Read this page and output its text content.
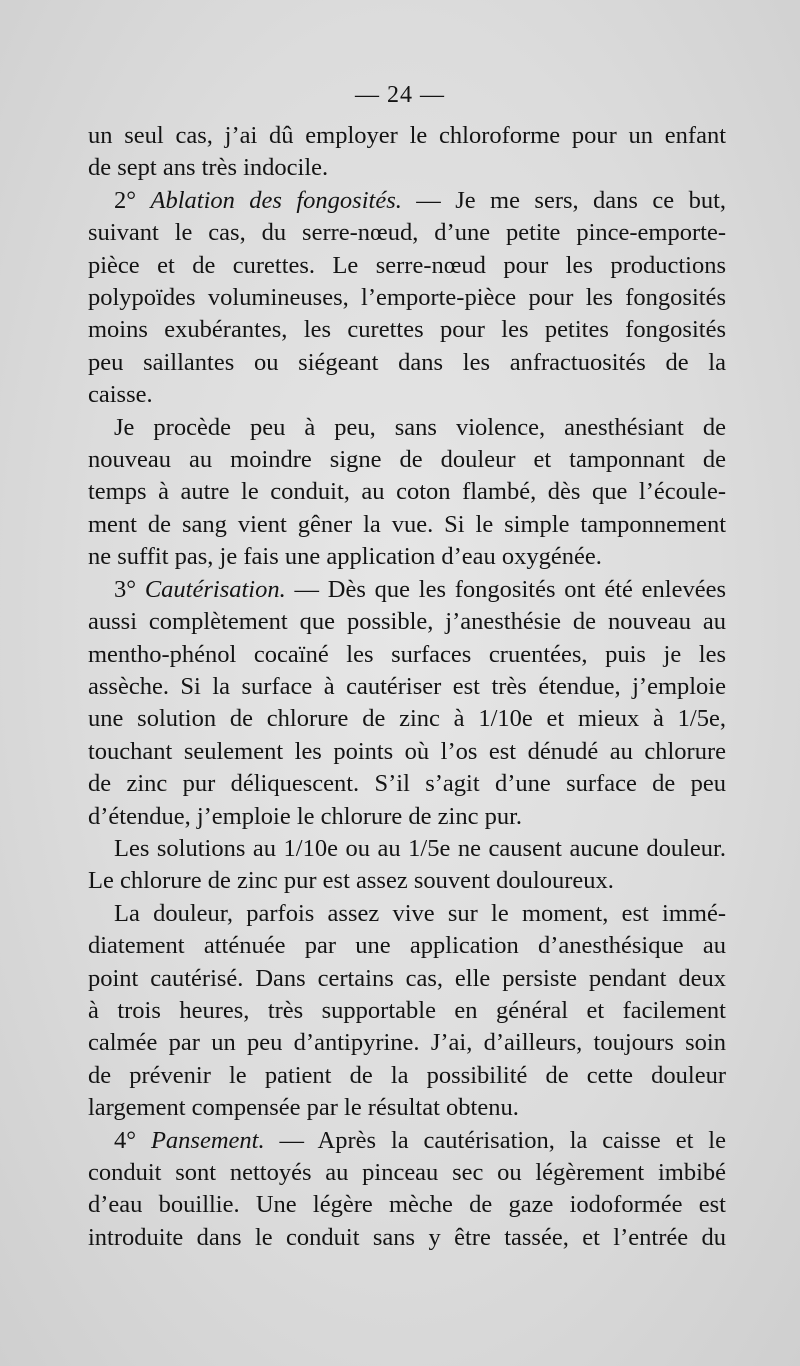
— 24 —
un seul cas, j’ai dû employer le chloroforme pour un enfant
de sept ans très indocile.
2° Ablation des fongosités. — Je me sers, dans ce but,
suivant le cas, du serre-nœud, d’une petite pince-emporte-
pièce et de curettes. Le serre-nœud pour les productions
polypoïdes volumineuses, l’emporte-pièce pour les fongosités
moins exubérantes, les curettes pour les petites fongosités
peu saillantes ou siégeant dans les anfractuosités de la
caisse.
Je procède peu à peu, sans violence, anesthésiant de
nouveau au moindre signe de douleur et tamponnant de
temps à autre le conduit, au coton flambé, dès que l’écoule-
ment de sang vient gêner la vue. Si le simple tamponnement
ne suffit pas, je fais une application d’eau oxygénée.
3° Cautérisation. — Dès que les fongosités ont été enlevées
aussi complètement que possible, j’anesthésie de nouveau au
mentho-phénol cocaïné les surfaces cruentées, puis je les
assèche. Si la surface à cautériser est très étendue, j’emploie
une solution de chlorure de zinc à 1/10e et mieux à 1/5e,
touchant seulement les points où l’os est dénudé au chlorure
de zinc pur déliquescent. S’il s’agit d’une surface de peu
d’étendue, j’emploie le chlorure de zinc pur.
Les solutions au 1/10e ou au 1/5e ne causent aucune douleur.
Le chlorure de zinc pur est assez souvent douloureux.
La douleur, parfois assez vive sur le moment, est immé-
diatement atténuée par une application d’anesthésique au
point cautérisé. Dans certains cas, elle persiste pendant deux
à trois heures, très supportable en général et facilement
calmée par un peu d’antipyrine. J’ai, d’ailleurs, toujours soin
de prévenir le patient de la possibilité de cette douleur
largement compensée par le résultat obtenu.
4° Pansement. — Après la cautérisation, la caisse et le
conduit sont nettoyés au pinceau sec ou légèrement imbibé
d’eau bouillie. Une légère mèche de gaze iodoformée est
introduite dans le conduit sans y être tassée, et l’entrée du
